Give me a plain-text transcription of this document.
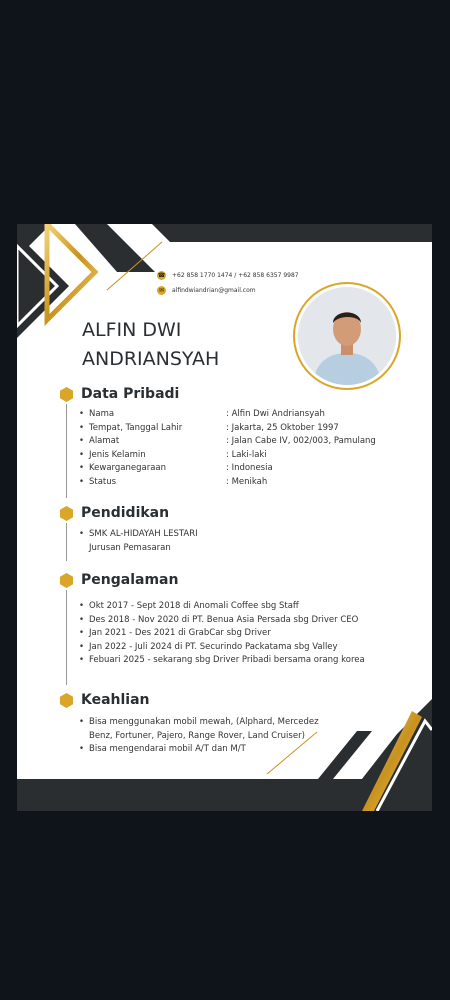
☎ +62 858 1770 1474 / +62 858 6357 9987
✉	alfindwiandrian@gmail.com
ALFIN DWI
ANDRIANSYAH
Data Pribadi
• Nama	: Alfin Dwi Andriansyah
• Tempat, Tanggal Lahir	: Jakarta, 25 Oktober 1997
• Alamat	: Jalan Cabe IV, 002/003, Pamulang
• Jenis Kelamin	: Laki-laki
• Kewarganegaraan	: Indonesia
• Status	: Menikah
Pendidikan
• SMK AL-HIDAYAH LESTARI
Jurusan Pemasaran
Pengalaman
• Okt 2017 - Sept 2018 di Anomali Coffee sbg Staff
• Des 2018 - Nov 2020 di PT. Benua Asia Persada sbg Driver CEO
• Jan 2021 - Des 2021 di GrabCar sbg Driver
• Jan 2022 - Juli 2024 di PT. Securindo Packatama sbg Valley
• Febuari 2025 - sekarang sbg Driver Pribadi bersama orang korea
Keahlian
• Bisa menggunakan mobil mewah, (Alphard, Mercedez Benz, Fortuner, Pajero, Range Rover, Land Cruiser)
• Bisa mengendarai mobil A/T dan M/T
